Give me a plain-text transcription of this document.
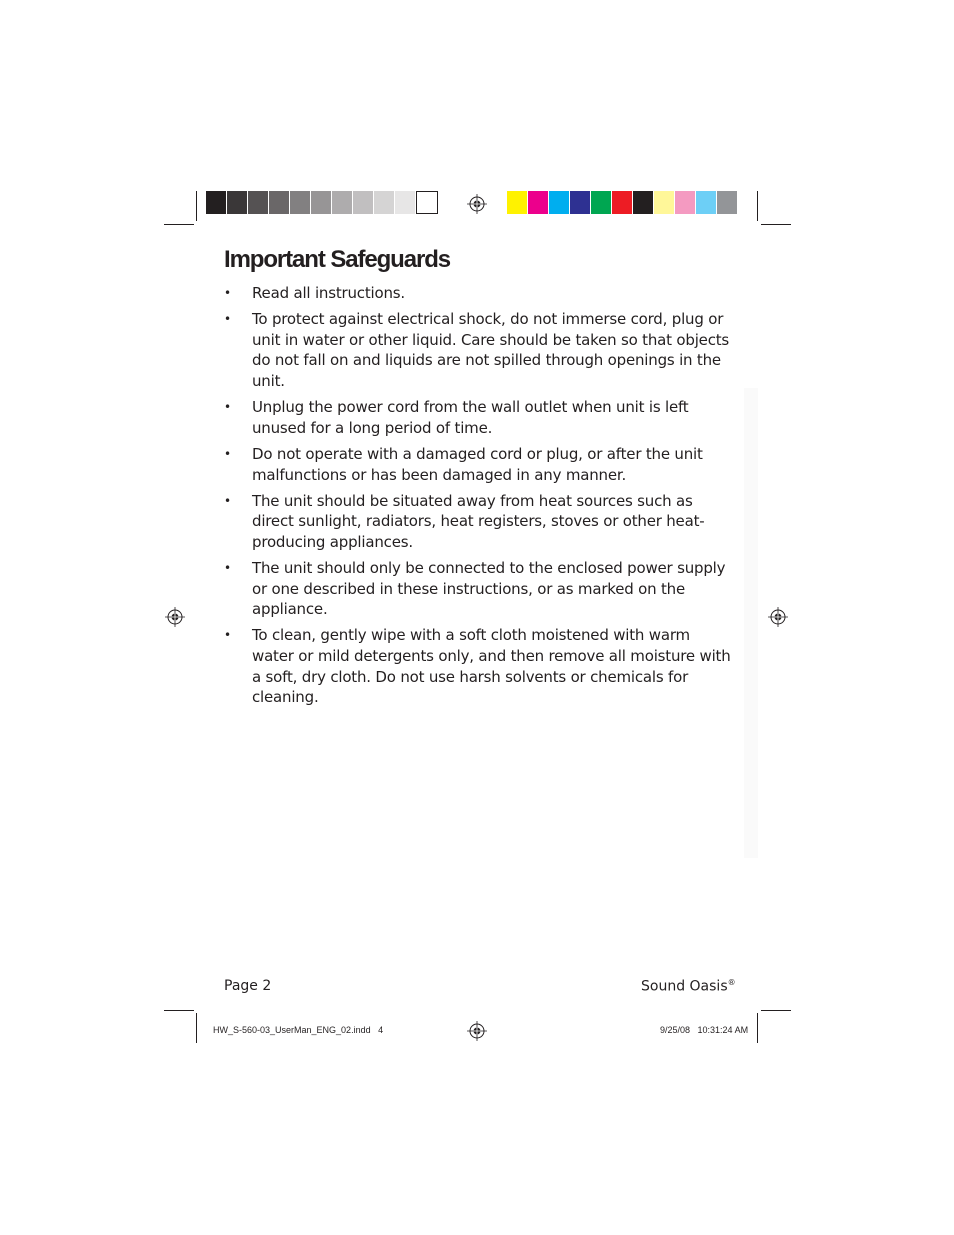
Important Safeguards
• Read all instructions.
• To protect against electrical shock, do not immerse cord, plug or unit in water or other liquid. Care should be taken so that objects do not fall on and liquids are not spilled through openings in the unit.
• Unplug the power cord from the wall outlet when unit is left unused for a long period of time.
• Do not operate with a damaged cord or plug, or after the unit malfunctions or has been damaged in any manner.
• The unit should be situated away from heat sources such as direct sunlight, radiators, heat registers, stoves or other heat-producing appliances.
• The unit should only be connected to the enclosed power supply or one described in these instructions, or as marked on the appliance.
• To clean, gently wipe with a soft cloth moistened with warm water or mild detergents only, and then remove all moisture with a soft, dry cloth. Do not use harsh solvents or chemicals for cleaning.
Page 2	Sound Oasis®
HW_S-560-03_UserMan_ENG_02.indd   4	9/25/08   10:31:24 AM
